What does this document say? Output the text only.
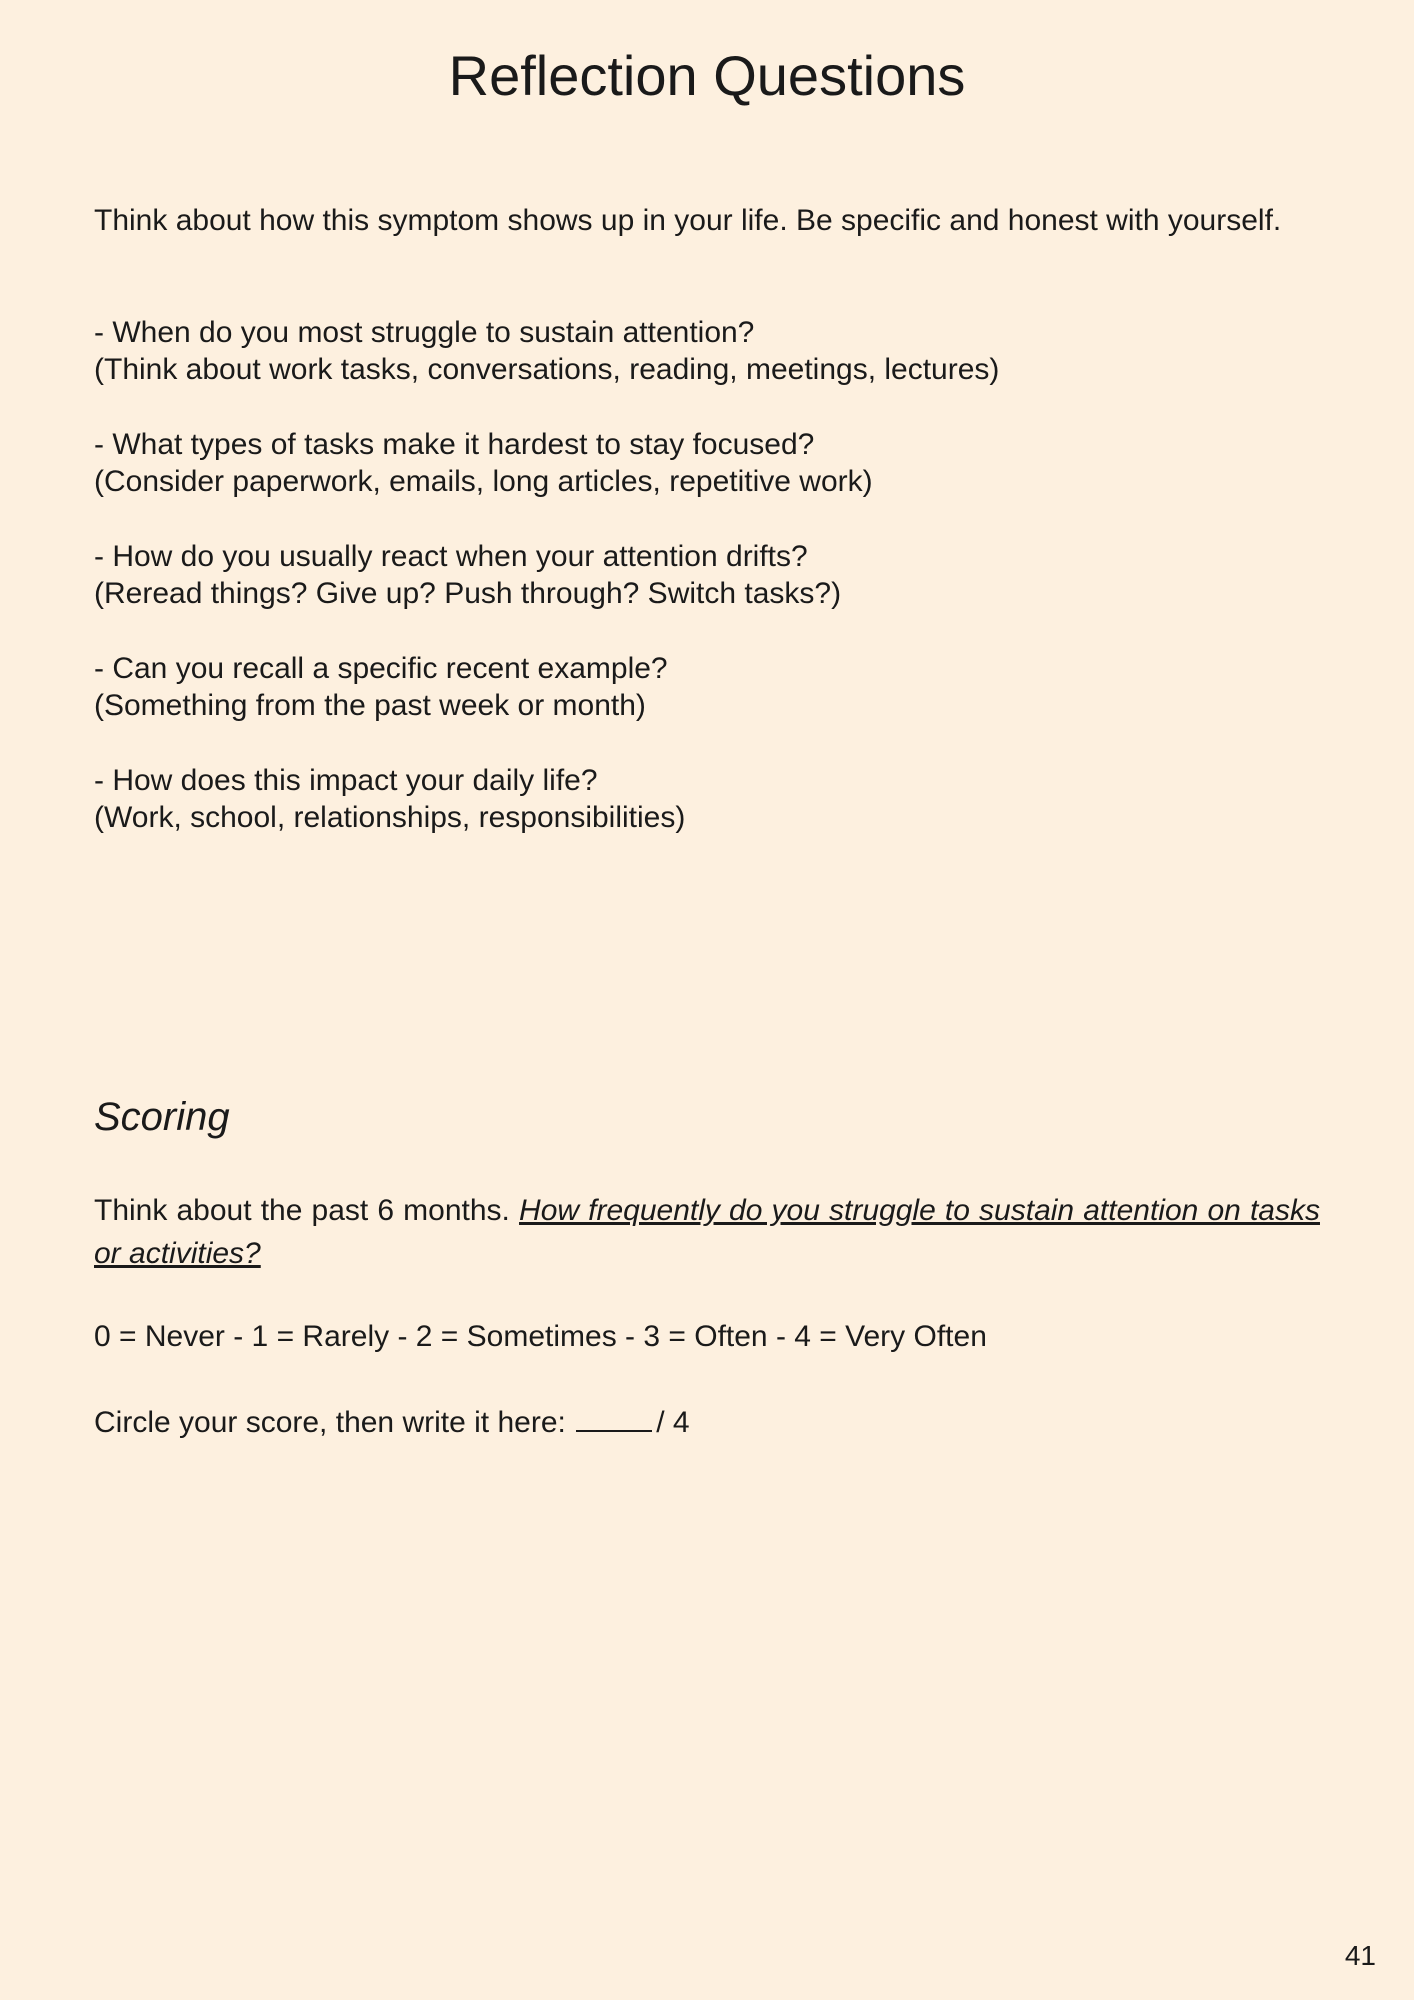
Reflection Questions

Think about how this symptom shows up in your life. Be specific and honest with yourself.

- When do you most struggle to sustain attention?

(Think about work tasks, conversations, reading, meetings, lectures)

- What types of tasks make it hardest to stay focused?

(Consider paperwork, emails, long articles, repetitive work)

- How do you usually react when your attention drifts?

(Reread things? Give up? Push through? Switch tasks?)

- Can you recall a specific recent example?

(Something from the past week or month)

- How does this impact your daily life?

(Work, school, relationships, responsibilities)

Scoring

Think about the past 6 months. How frequently do you struggle to sustain attention on tasks or activities?

0 = Never - 1 = Rarely - 2 = Sometimes - 3 = Often - 4 = Very Often

Circle your score, then write it here:	/ 4

41
